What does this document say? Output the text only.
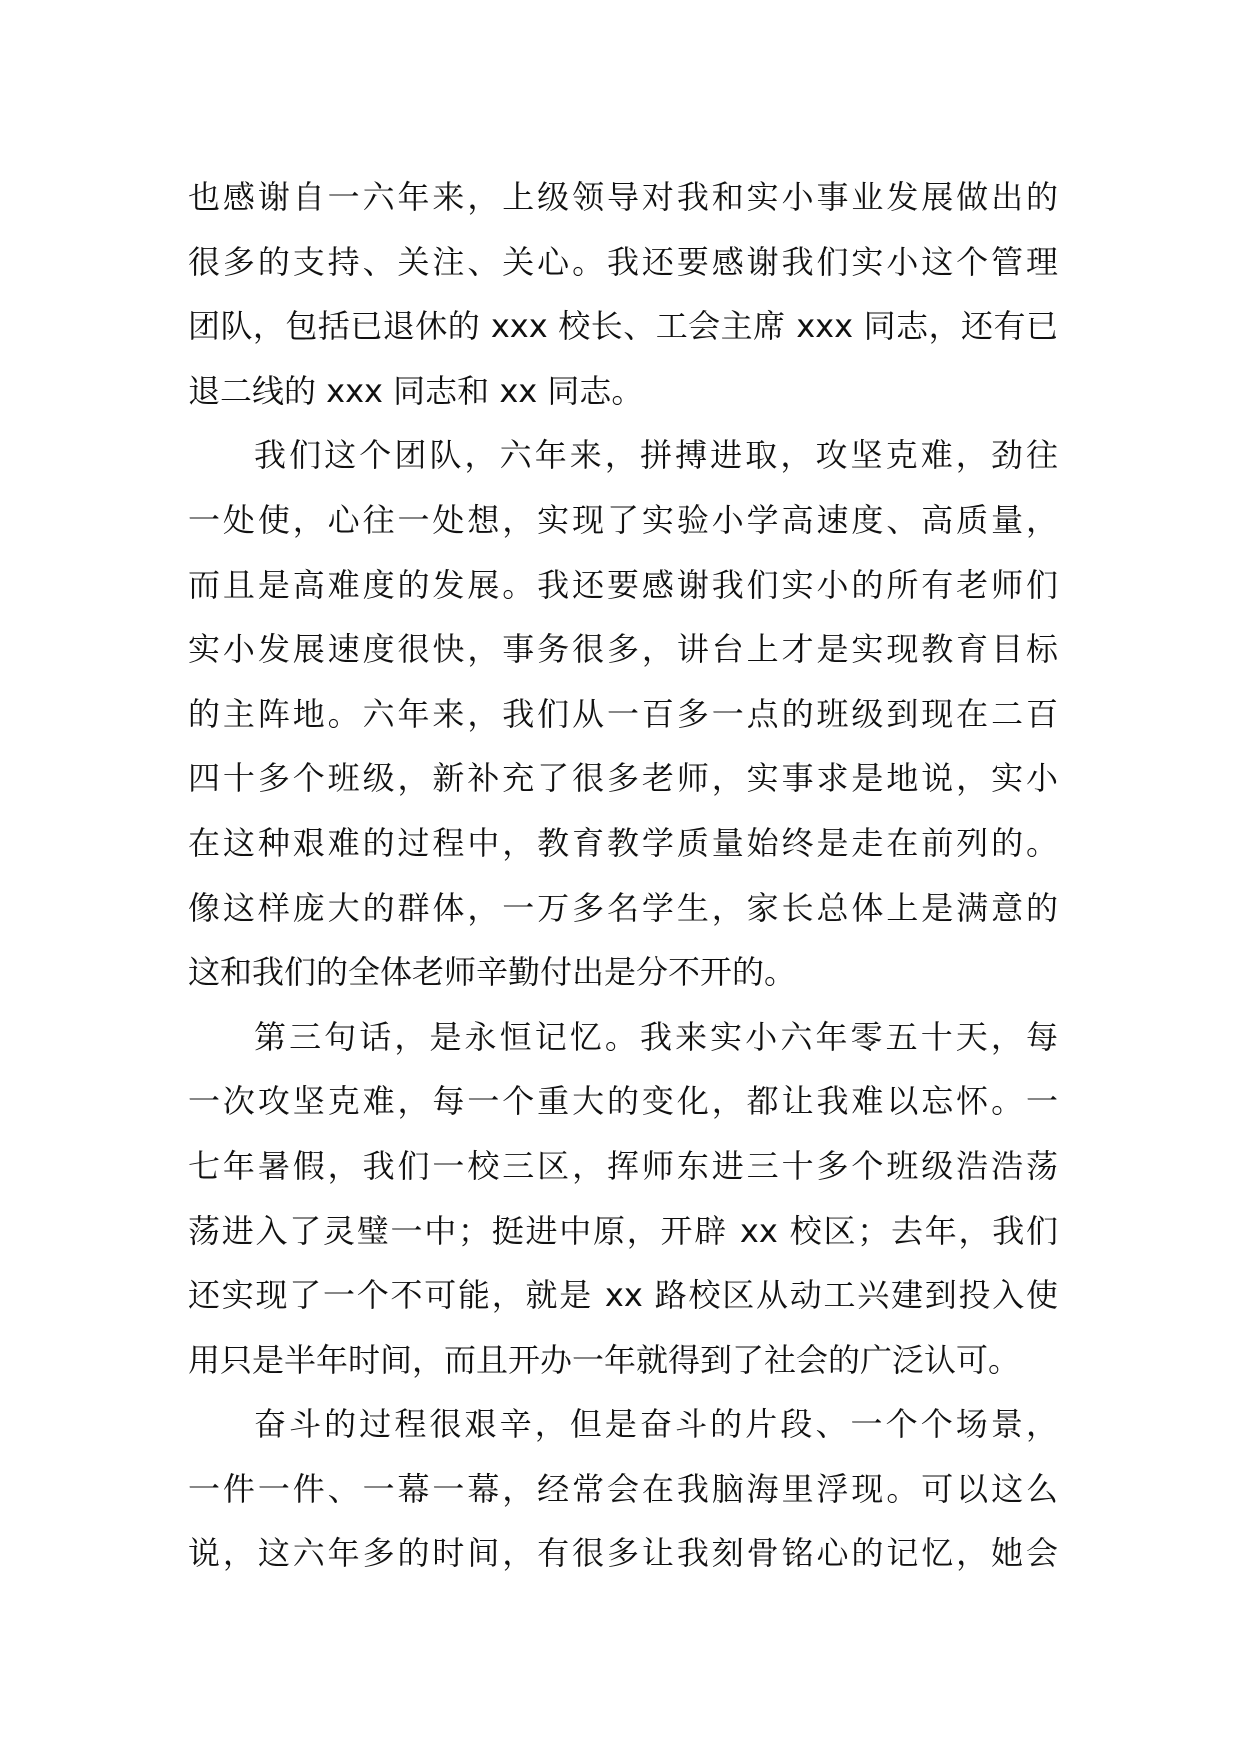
也感谢自一六年来，上级领导对我和实小事业发展做出的
很多的支持、关注、关心。我还要感谢我们实小这个管理
团队，包括已退休的 xxx 校长、工会主席 xxx 同志，还有已
退二线的 xxx 同志和 xx 同志。
我们这个团队，六年来，拼搏进取，攻坚克难，劲往
一处使，心往一处想，实现了实验小学高速度、高质量，
而且是高难度的发展。我还要感谢我们实小的所有老师们
实小发展速度很快，事务很多，讲台上才是实现教育目标
的主阵地。六年来，我们从一百多一点的班级到现在二百
四十多个班级，新补充了很多老师，实事求是地说，实小
在这种艰难的过程中，教育教学质量始终是走在前列的。
像这样庞大的群体，一万多名学生，家长总体上是满意的
这和我们的全体老师辛勤付出是分不开的。
第三句话，是永恒记忆。我来实小六年零五十天，每
一次攻坚克难，每一个重大的变化，都让我难以忘怀。一
七年暑假，我们一校三区，挥师东进三十多个班级浩浩荡
荡进入了灵璧一中；挺进中原，开辟 xx 校区；去年，我们
还实现了一个不可能，就是 xx 路校区从动工兴建到投入使
用只是半年时间，而且开办一年就得到了社会的广泛认可。
奋斗的过程很艰辛，但是奋斗的片段、一个个场景，
一件一件、一幕一幕，经常会在我脑海里浮现。可以这么
说，这六年多的时间，有很多让我刻骨铭心的记忆，她会
